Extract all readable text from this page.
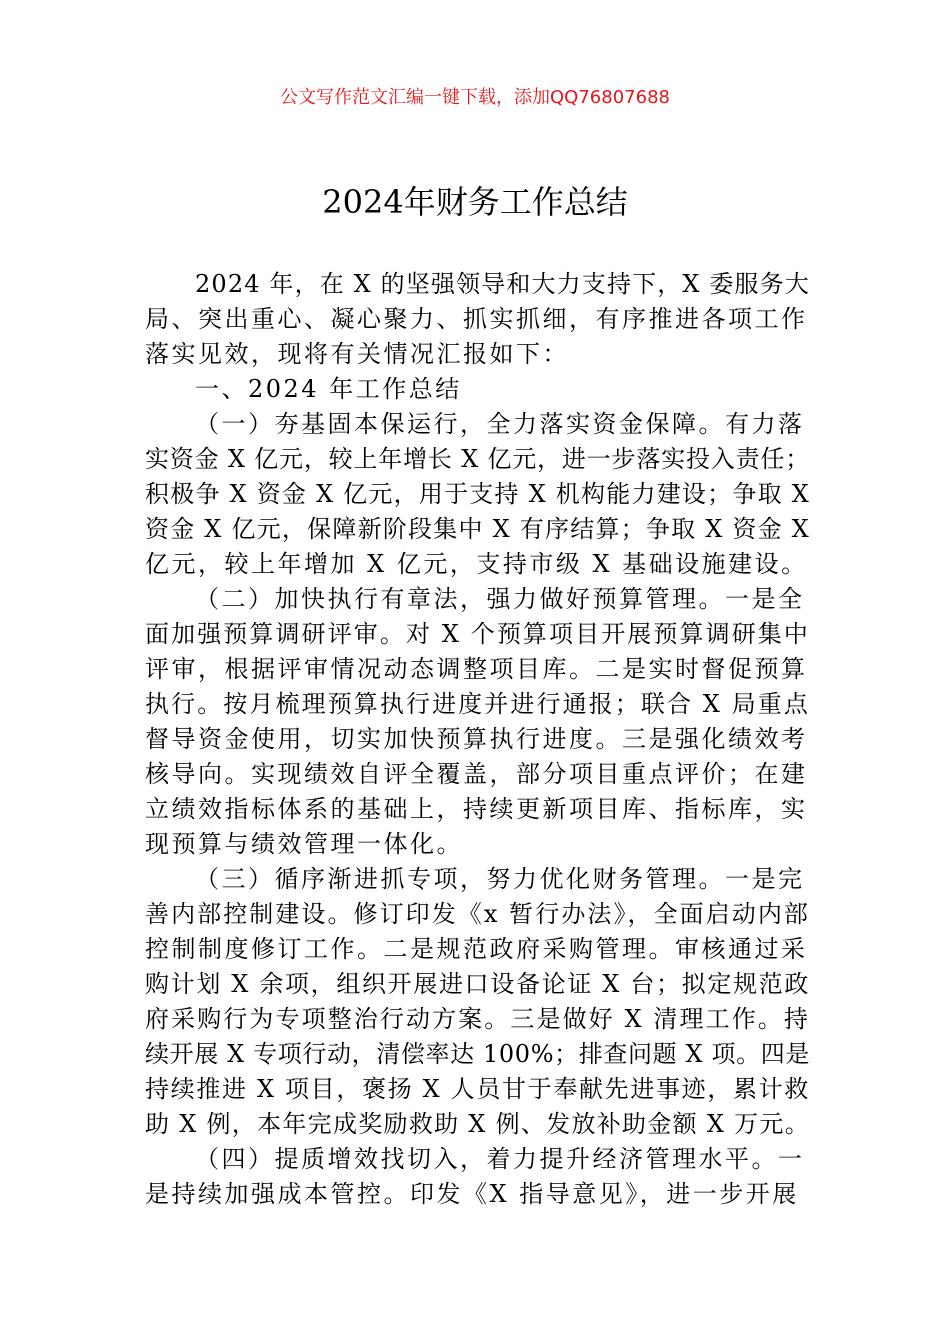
公文写作范文汇编一键下载，添加QQ76807688
2024年财务工作总结
2024 年，在 X 的坚强领导和大力支持下，X 委服务大
局、突出重心、凝心聚力、抓实抓细，有序推进各项工作
落实见效，现将有关情况汇报如下：
一、2024 年工作总结
（一）夯基固本保运行，全力落实资金保障。有力落
实资金 X 亿元，较上年增长 X 亿元，进一步落实投入责任；
积极争 X 资金 X 亿元，用于支持 X 机构能力建设；争取 X
资金 X 亿元，保障新阶段集中 X 有序结算；争取 X 资金 X
亿元，较上年增加 X 亿元，支持市级 X 基础设施建设。
（二）加快执行有章法，强力做好预算管理。一是全
面加强预算调研评审。对 X 个预算项目开展预算调研集中
评审，根据评审情况动态调整项目库。二是实时督促预算
执行。按月梳理预算执行进度并进行通报；联合 X 局重点
督导资金使用，切实加快预算执行进度。三是强化绩效考
核导向。实现绩效自评全覆盖，部分项目重点评价；在建
立绩效指标体系的基础上，持续更新项目库、指标库，实
现预算与绩效管理一体化。
（三）循序渐进抓专项，努力优化财务管理。一是完
善内部控制建设。修订印发《x 暂行办法》，全面启动内部
控制制度修订工作。二是规范政府采购管理。审核通过采
购计划 X 余项，组织开展进口设备论证 X 台；拟定规范政
府采购行为专项整治行动方案。三是做好 X 清理工作。持
续开展 X 专项行动，清偿率达 100%；排查问题 X 项。四是
持续推进 X 项目，褒扬 X 人员甘于奉献先进事迹，累计救
助 X 例，本年完成奖励救助 X 例、发放补助金额 X 万元。
（四）提质增效找切入，着力提升经济管理水平。一
是持续加强成本管控。印发《X 指导意见》，进一步开展
